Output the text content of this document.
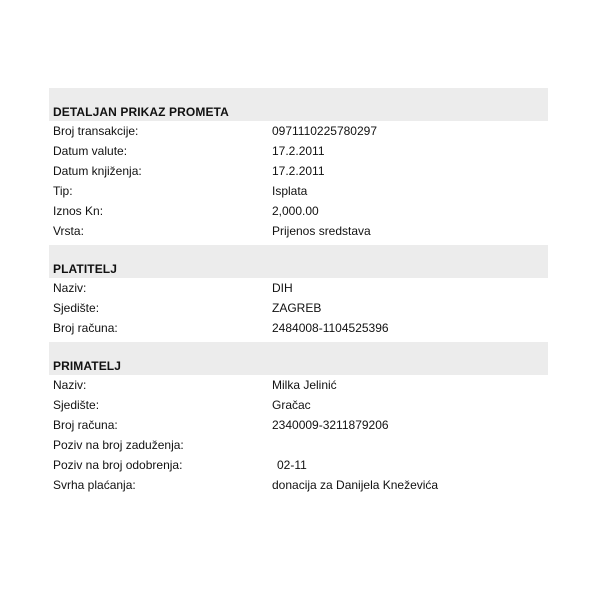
DETALJAN PRIKAZ PROMETA
Broj transakcije:	0971110225780297
Datum valute:	17.2.2011
Datum knjiženja:	17.2.2011
Tip:	Isplata
Iznos Kn:	2,000.00
Vrsta:	Prijenos sredstava
PLATITELJ
Naziv:	DIH
Sjedište:	ZAGREB
Broj računa:	2484008-1104525396
PRIMATELJ
Naziv:	Milka Jelinić
Sjedište:	Gračac
Broj računa:	2340009-3211879206
Poziv na broj zaduženja:
Poziv na broj odobrenja:	02-11
Svrha plaćanja:	donacija za Danijela Kneževića
